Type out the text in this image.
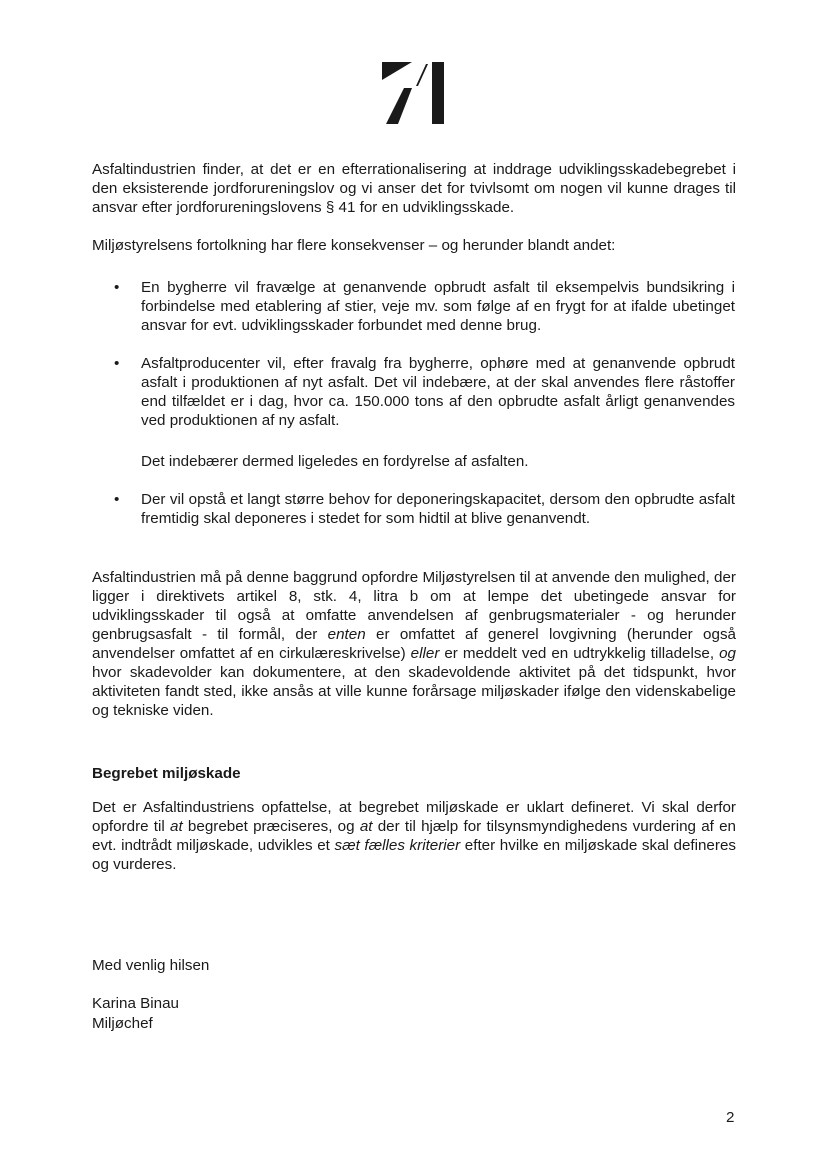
Asfaltindustrien finder, at det er en efterrationalisering at inddrage udviklingsskadebegrebet i den eksisterende jordforureningslov og vi anser det for tvivlsomt om nogen vil kunne drages til ansvar efter jordforureningslovens § 41 for en udviklingsskade.

Miljøstyrelsens fortolkning har flere konsekvenser – og herunder blandt andet:

• En bygherre vil fravælge at genanvende opbrudt asfalt til eksempelvis bundsikring i forbindelse med etablering af stier, veje mv. som følge af en frygt for at ifalde ubetinget ansvar for evt. udviklingsskader forbundet med denne brug.

• Asfaltproducenter vil, efter fravalg fra bygherre, ophøre med at genanvende opbrudt asfalt i produktionen af nyt asfalt. Det vil indebære, at der skal anvendes flere råstoffer end tilfældet er i dag, hvor ca. 150.000 tons af den opbrudte asfalt årligt genanvendes ved produktionen af ny asfalt.

Det indebærer dermed ligeledes en fordyrelse af asfalten.

• Der vil opstå et langt større behov for deponeringskapacitet, dersom den opbrudte asfalt fremtidig skal deponeres i stedet for som hidtil at blive genanvendt.

Asfaltindustrien må på denne baggrund opfordre Miljøstyrelsen til at anvende den mulighed, der ligger i direktivets artikel 8, stk. 4, litra b om at lempe det ubetingede ansvar for udviklingsskader til også at omfatte anvendelsen af genbrugsmaterialer - og herunder genbrugsasfalt - til formål, der enten er omfattet af generel lovgivning (herunder også anvendelser omfattet af en cirkulæreskrivelse) eller er meddelt ved en udtrykkelig tilladelse, og hvor skadevolder kan dokumentere, at den skadevoldende aktivitet på det tidspunkt, hvor aktiviteten fandt sted, ikke ansås at ville kunne forårsage miljøskader ifølge den videnskabelige og tekniske viden.

Begrebet miljøskade

Det er Asfaltindustriens opfattelse, at begrebet miljøskade er uklart defineret. Vi skal derfor opfordre til at begrebet præciseres, og at der til hjælp for tilsynsmyndighedens vurdering af en evt. indtrådt miljøskade, udvikles et sæt fælles kriterier efter hvilke en miljøskade skal defineres og vurderes.

Med venlig hilsen

Karina Binau

Miljøchef

2
